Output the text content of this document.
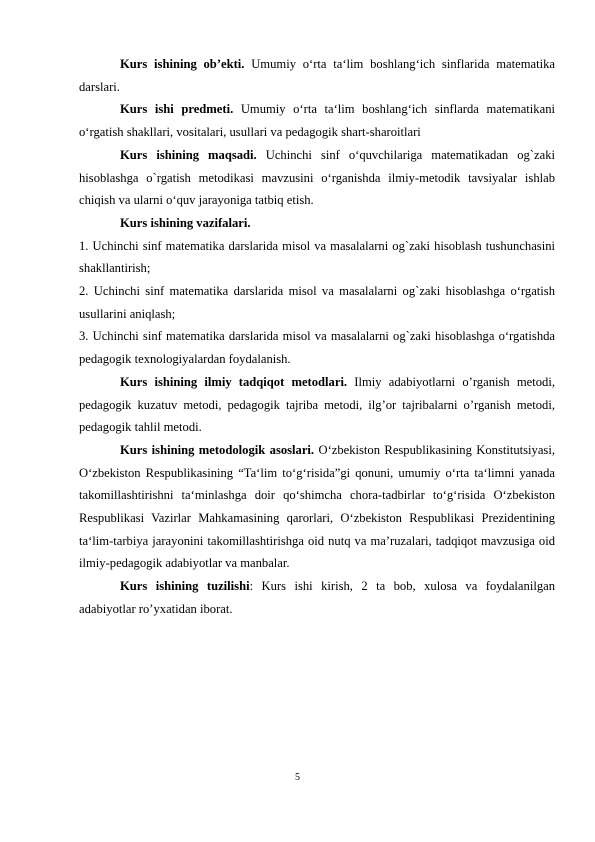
Kurs ishining ob’ekti. Umumiy o‘rta ta‘lim boshlang‘ich sinflarida matematika darslari.

Kurs ishi predmeti. Umumiy o‘rta ta‘lim boshlang‘ich sinflarda matematikani o‘rgatish shakllari, vositalari, usullari va pedagogik shart-sharoitlari

Kurs ishining maqsadi. Uchinchi sinf o‘quvchilariga matematikadan og`zaki hisoblashga o`rgatish metodikasi mavzusini o‘rganishda ilmiy-metodik tavsiyalar ishlab chiqish va ularni o‘quv jarayoniga tatbiq etish.

Kurs ishining vazifalari.

1. Uchinchi sinf matematika darslarida misol va masalalarni og`zaki hisoblash tushunchasini shakllantirish;

2. Uchinchi sinf matematika darslarida misol va masalalarni og`zaki hisoblashga o‘rgatish usullarini aniqlash;

3. Uchinchi sinf matematika darslarida misol va masalalarni og`zaki hisoblashga o‘rgatishda pedagogik texnologiyalardan foydalanish.

Kurs ishining ilmiy tadqiqot metodlari. Ilmiy adabiyotlarni o’rganish metodi, pedagogik kuzatuv metodi, pedagogik tajriba metodi, ilg’or tajribalarni o’rganish metodi, pedagogik tahlil metodi.

Kurs ishining metodologik asoslari. O‘zbekiston Respublikasining Konstitutsiyasi, O‘zbekiston Respublikasining “Ta‘lim to‘g‘risida”gi qonuni, umumiy o‘rta ta‘limni yanada takomillashtirishni ta‘minlashga doir qo‘shimcha chora-tadbirlar to‘g‘risida O‘zbekiston Respublikasi Vazirlar Mahkamasining qarorlari, O‘zbekiston Respublikasi Prezidentining ta‘lim-tarbiya jarayonini takomillashtirishga oid nutq va ma’ruzalari, tadqiqot mavzusiga oid ilmiy-pedagogik adabiyotlar va manbalar.

Kurs ishining tuzilishi: Kurs ishi kirish, 2 ta bob, xulosa va foydalanilgan adabiyotlar ro’yxatidan iborat.

5
